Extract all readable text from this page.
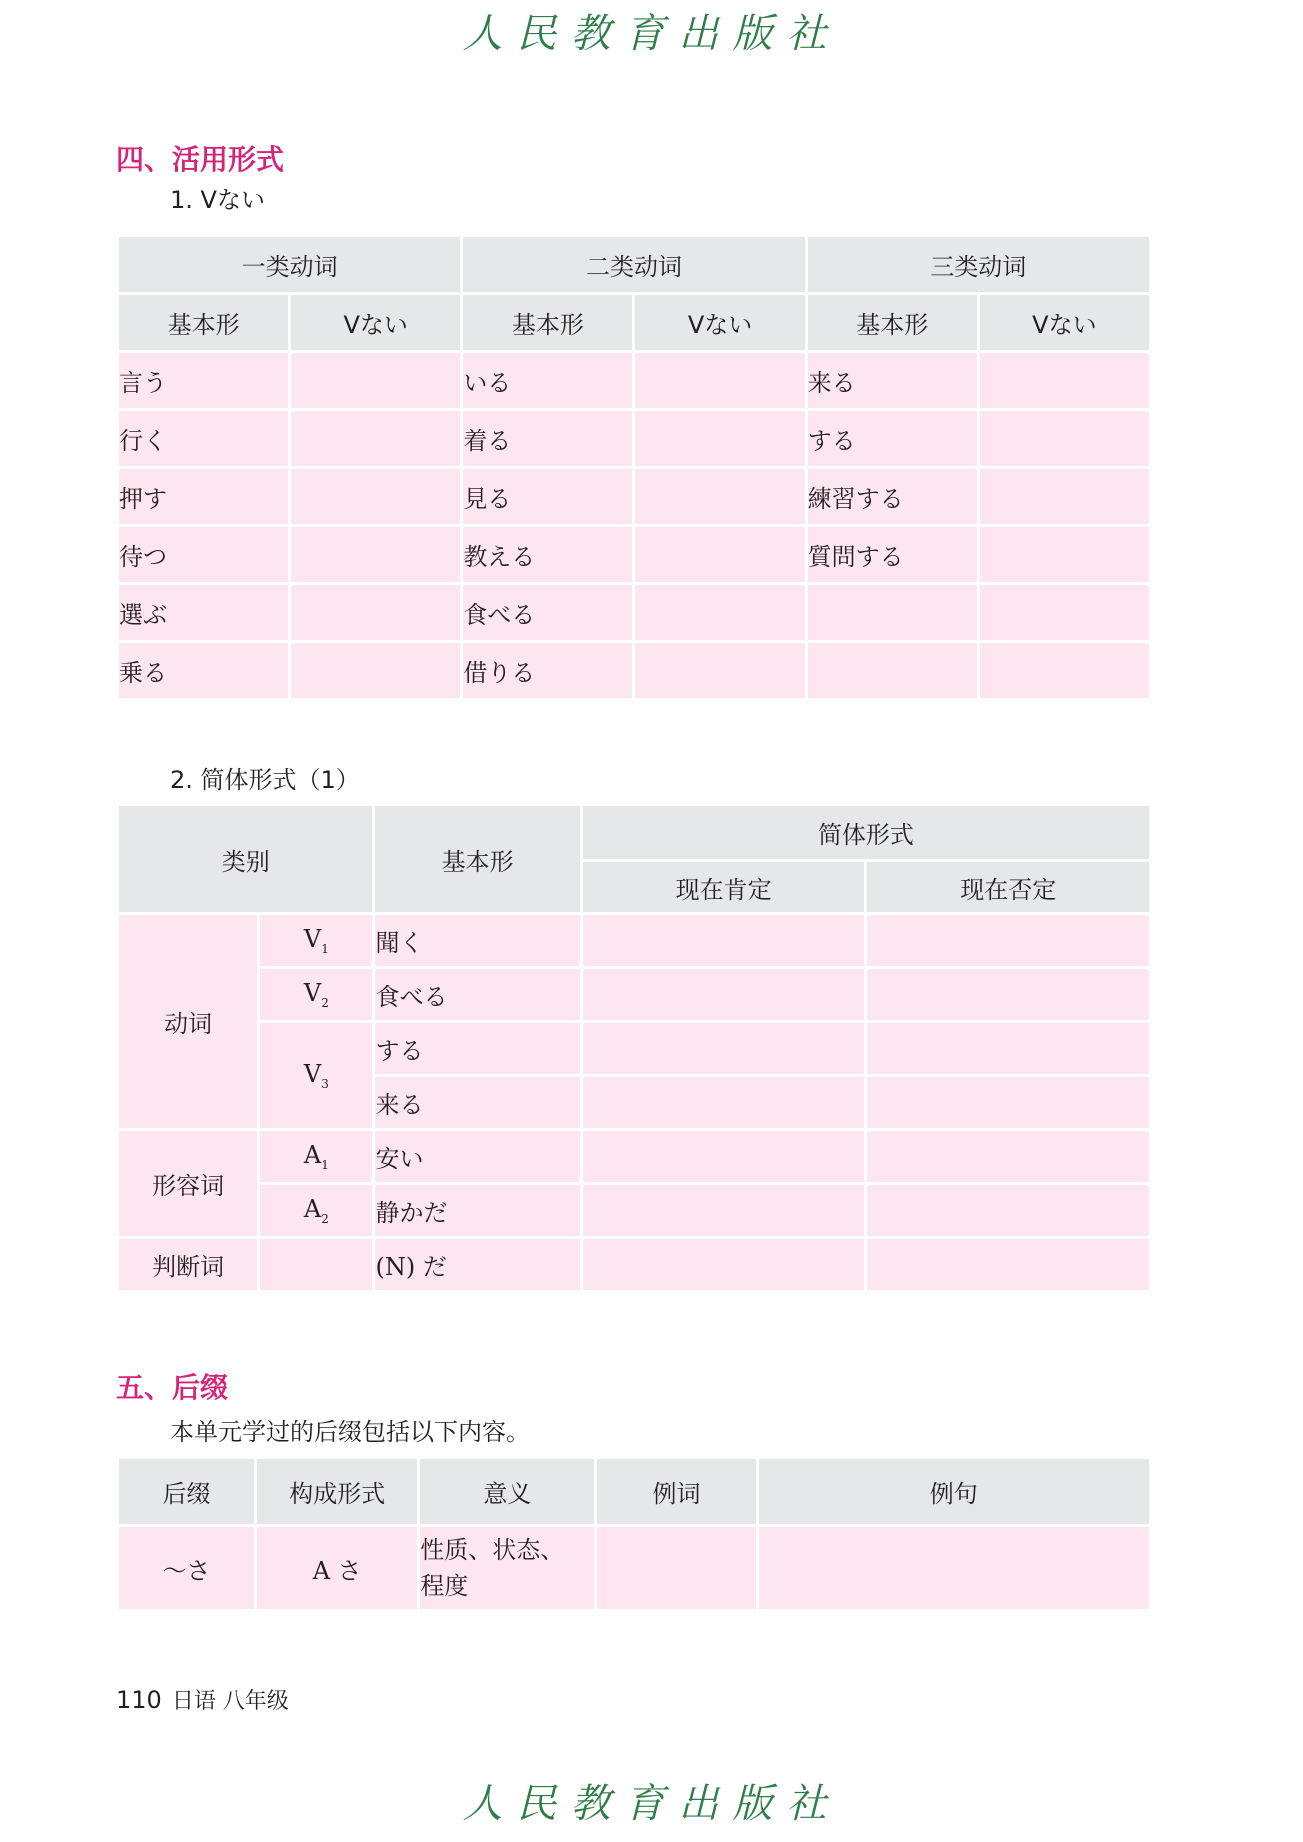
人民教育出版社
四、活用形式
1. Vない
一类动词		二类动词		三类动词	
基本形	Vない	基本形	Vない	基本形	Vない
言う		いる		来る	
行く		着る		する	
押す		見る		練習する	
待つ		教える		質問する	
選ぶ		食べる			
乗る		借りる			
2. 简体形式（1）
类别		基本形	简体形式	
			现在肯定	现在否定
动词	$V_1$	聞く		
	$V_2$	食べる		
	$V_3$	する		
		来る		
形容词	$A_1$	安い		
	$A_2$	静かだ		
判断词		(N) だ		
五、后缀
本单元学过的后缀包括以下内容。
后缀	构成形式	意义	例词	例句
～さ	A さ	性质、状态、
程度		

110 日语 八年级
人民教育出版社
